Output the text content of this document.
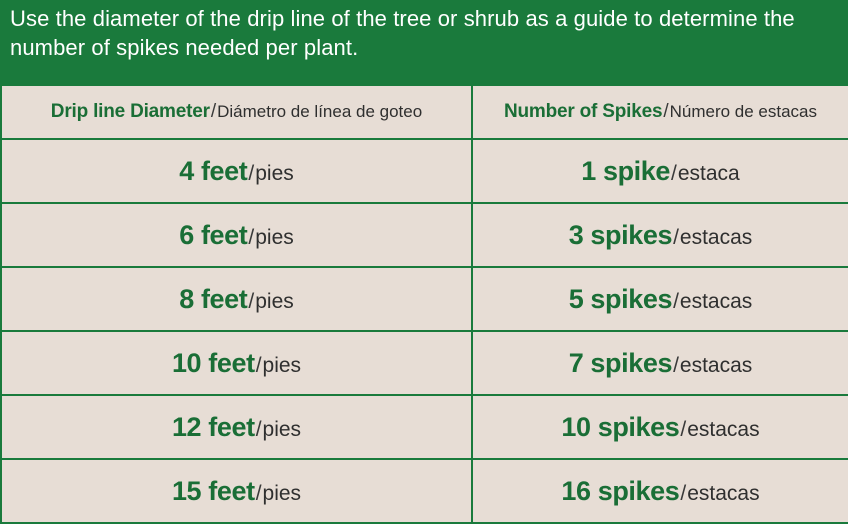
Use the diameter of the drip line of the tree or shrub as a guide to determine the number of spikes needed per plant.
Drip line Diameter / Diámetro de línea de goteo	Number of Spikes / Número de estacas

4 feet / pies	1 spike / estaca

6 feet / pies	3 spikes / estacas

8 feet / pies	5 spikes / estacas

10 feet / pies	7 spikes / estacas

12 feet / pies	10 spikes / estacas

15 feet / pies	16 spikes / estacas
